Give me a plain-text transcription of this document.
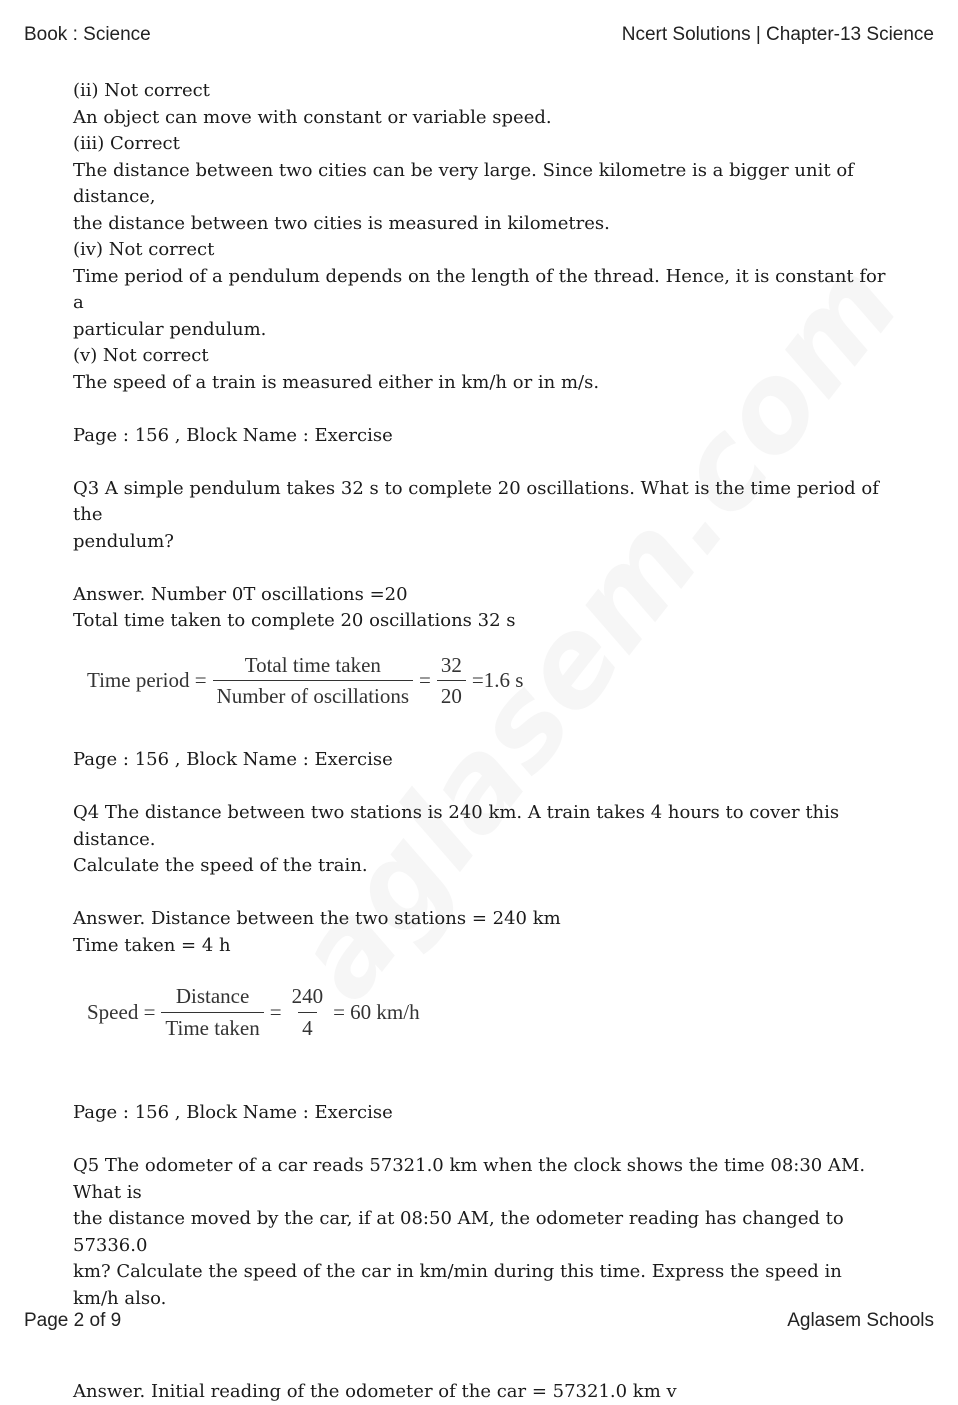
Book : Science	Ncert Solutions | Chapter-13 Science

(ii) Not correct

An object can move with constant or variable speed.

(iii) Correct

The distance between two cities can be very large. Since kilometre is a bigger unit of distance,

the distance between two cities is measured in kilometres.

(iv) Not correct

Time period of a pendulum depends on the length of the thread. Hence, it is constant for a

particular pendulum.

(v) Not correct

The speed of a train is measured either in km/h or in m/s.

Page : 156 , Block Name : Exercise

Q3 A simple pendulum takes 32 s to complete 20 oscillations. What is the time period of the

pendulum?

Answer. Number 0T oscillations =20

Total time taken to complete 20 oscillations 32 s

Time period = $\frac{\text{Total time taken}}{\text{Number of oscillations}} = \frac{32}{20} =1.6$ s

Page : 156 , Block Name : Exercise

Q4 The distance between two stations is 240 km. A train takes 4 hours to cover this distance.

Calculate the speed of the train.

Answer. Distance between the two stations = 240 km

Time taken = 4 h

Speed = $\frac{\text{Distance}}{\text{Time taken}} = \frac{240}{4} = 60$ km/h

Page : 156 , Block Name : Exercise

Q5 The odometer of a car reads 57321.0 km when the clock shows the time 08:30 AM. What is

the distance moved by the car, if at 08:50 AM, the odometer reading has changed to 57336.0

km? Calculate the speed of the car in km/min during this time. Express the speed in km/h also.

Answer. Initial reading of the odometer of the car = 57321.0 km v

Page 2 of 9	Aglasem Schools
